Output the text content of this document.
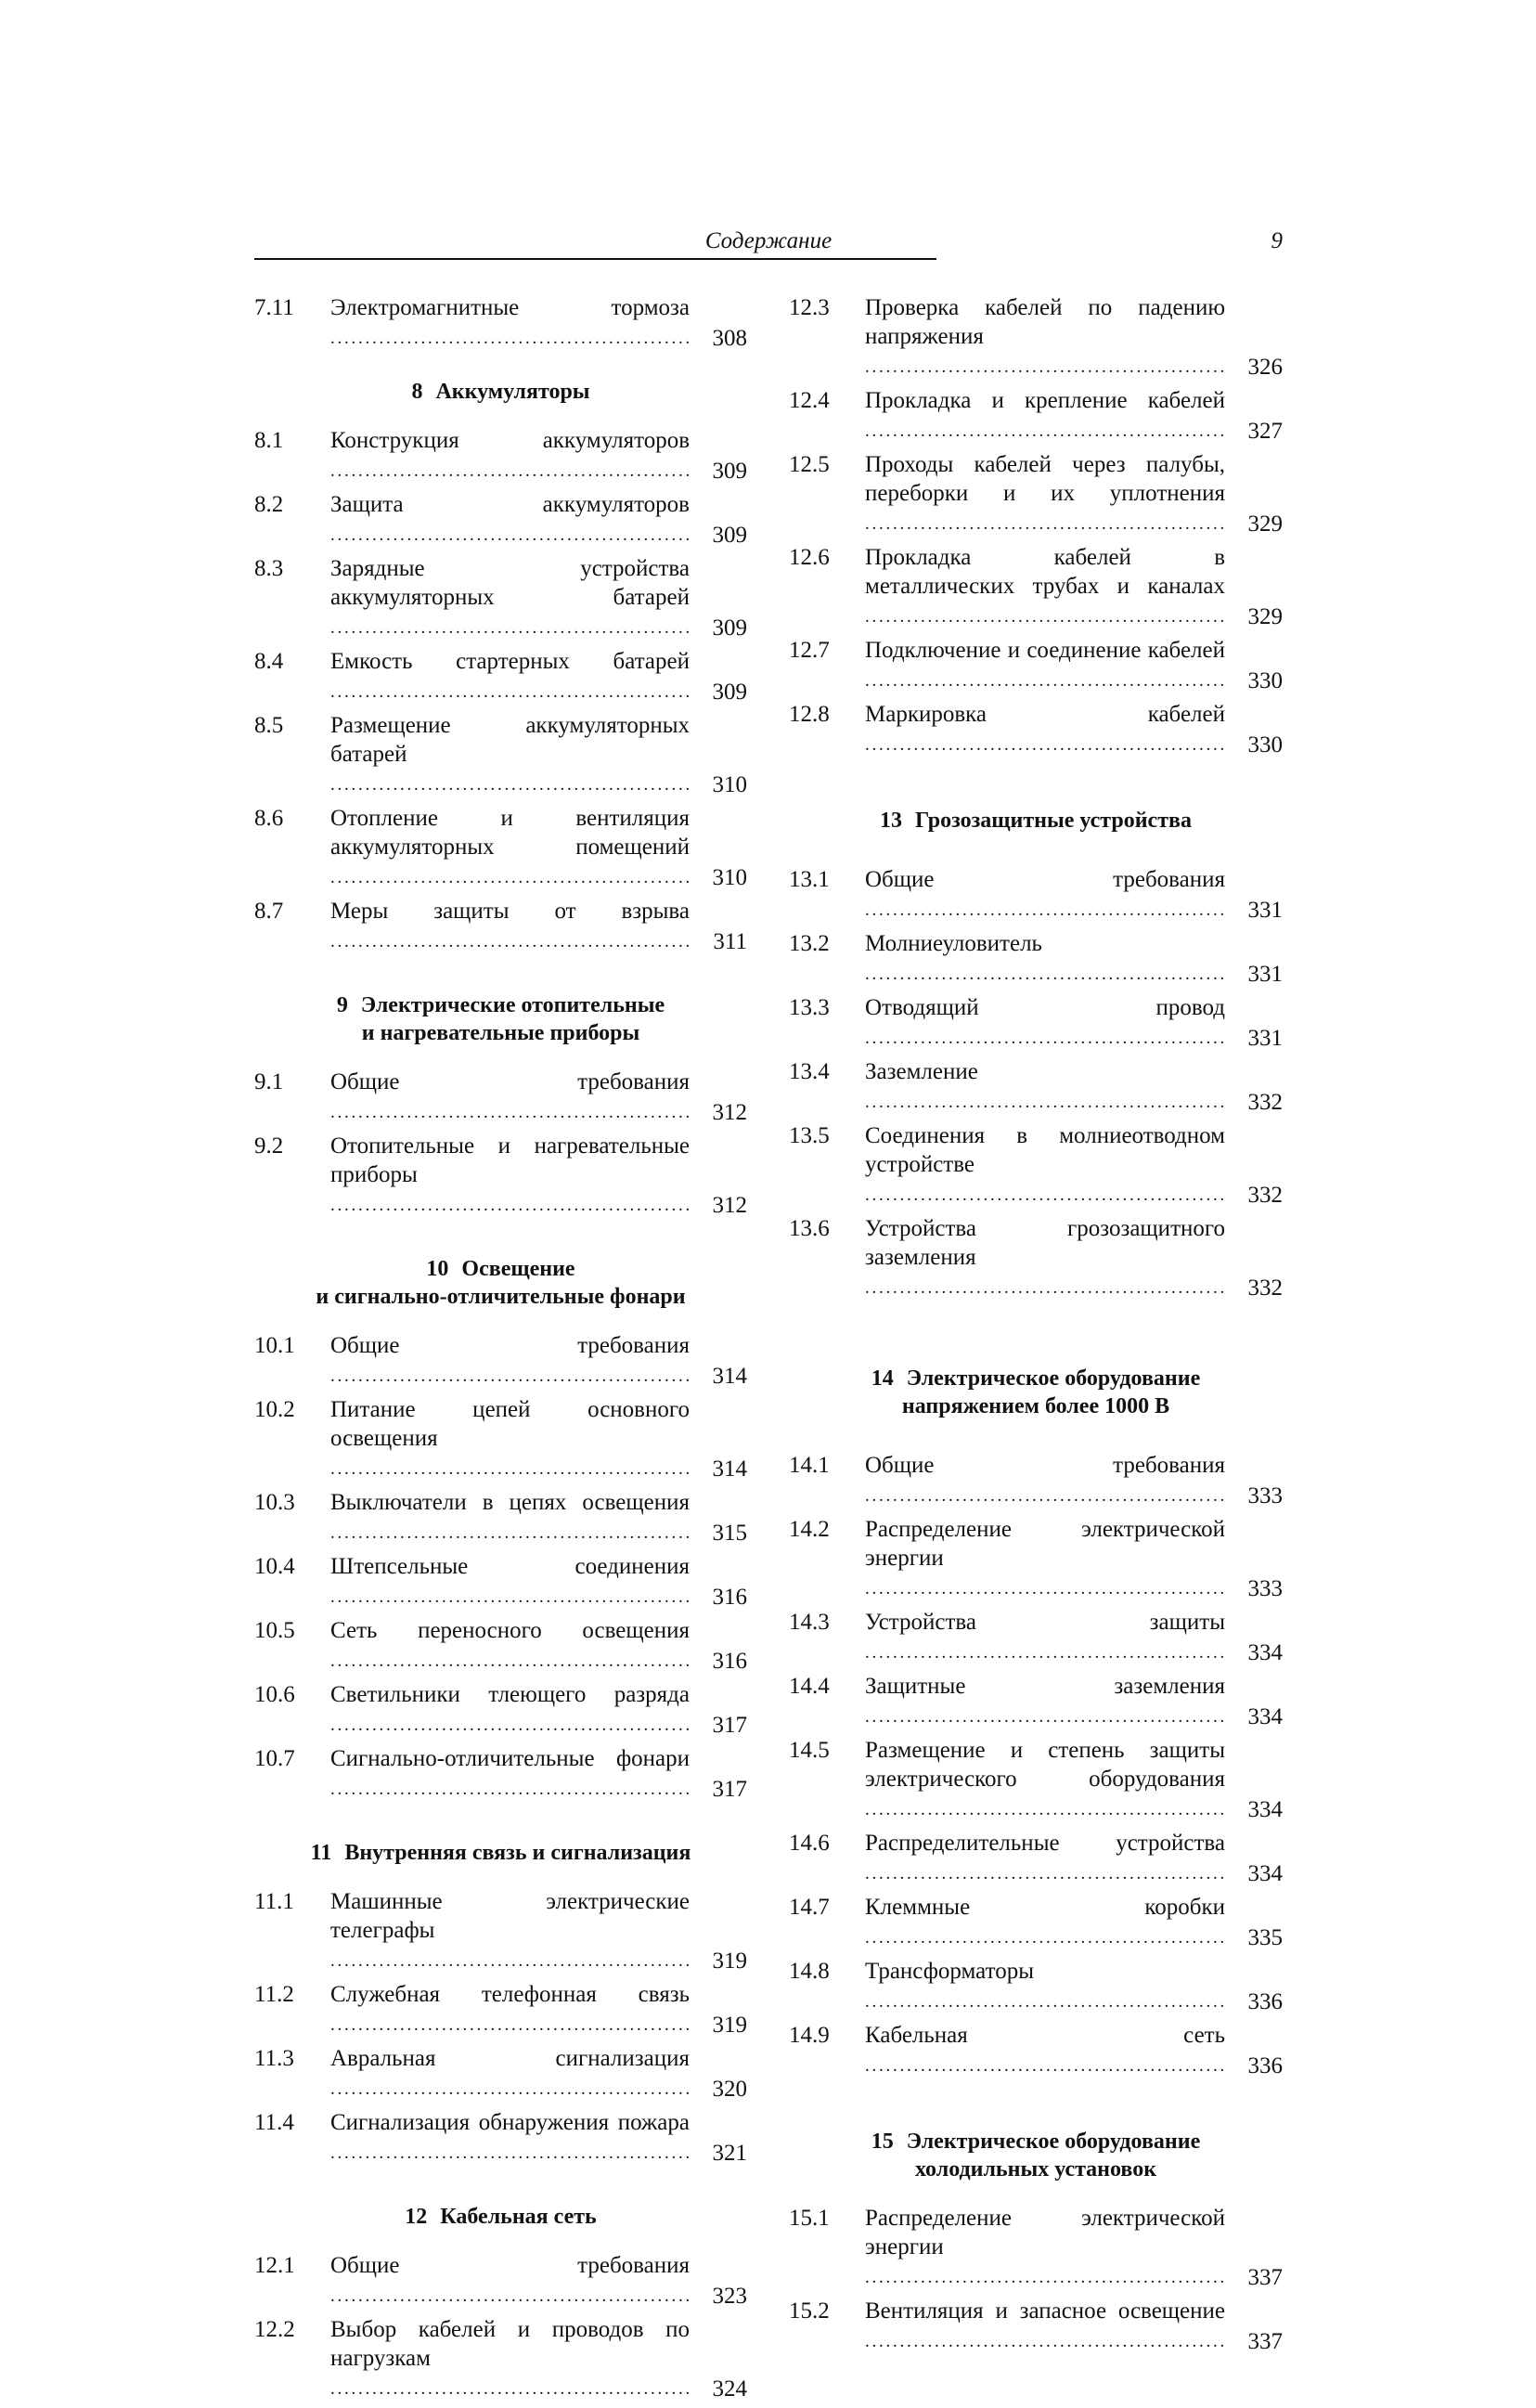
Содержание	9
7.11 Электромагнитные тормоза . . .
308
8 Аккумуляторы
8.1 Конструкция аккумуляторов . . .
309
8.2 Защита аккумуляторов . . .
309
8.3 Зарядные устройства аккумуляторных батарей . . .
309
8.4 Емкость стартерных батарей . . .
309
8.5 Размещение аккумуляторных батарей . . .
310
8.6 Отопление и вентиляция аккумуляторных помещений . . .
310
8.7 Меры защиты от взрыва . . .
311
9 Электрические отопительные
и нагревательные приборы
9.1 Общие требования . . .
312
9.2 Отопительные и нагревательные приборы . . .
312
10 Освещение
и сигнально-отличительные фонари
10.1 Общие требования . . .
314
10.2 Питание цепей основного освещения . . .
314
10.3 Выключатели в цепях освещения . . .
315
10.4 Штепсельные соединения . . .
316
10.5 Сеть переносного освещения . . .
316
10.6 Светильники тлеющего разряда . . .
317
10.7 Сигнально-отличительные фонари . . .
317
11 Внутренняя связь и сигнализация
11.1 Машинные электрические телеграфы . . .
319
11.2 Служебная телефонная связь . . .
319
11.3 Авральная сигнализация . . .
320
11.4 Сигнализация обнаружения пожара . . .
321
12 Кабельная сеть
12.1 Общие требования . . .
323
12.2 Выбор кабелей и проводов по нагрузкам . . .
324
12.3 Проверка кабелей по падению напряжения . . .
326
12.4 Прокладка и крепление кабелей . . .
327
12.5 Проходы кабелей через палубы, переборки и их уплотнения . . .
329
12.6 Прокладка кабелей в металлических трубах и каналах . . .
329
12.7 Подключение и соединение кабелей . . .
330
12.8 Маркировка кабелей . . .
330
13 Грозозащитные устройства
13.1 Общие требования . . .
331
13.2 Молниеуловитель . . .
331
13.3 Отводящий провод . . .
331
13.4 Заземление . . .
332
13.5 Соединения в молниеотводном устройстве . . .
332
13.6 Устройства грозозащитного заземления . . .
332
14 Электрическое оборудование
напряжением более 1000 В
14.1 Общие требования . . .
333
14.2 Распределение электрической энергии . . .
333
14.3 Устройства защиты . . .
334
14.4 Защитные заземления . . .
334
14.5 Размещение и степень защиты электрического оборудования . . .
334
14.6 Распределительные устройства . . .
334
14.7 Клеммные коробки . . .
335
14.8 Трансформаторы . . .
336
14.9 Кабельная сеть . . .
336
15 Электрическое оборудование
холодильных установок
15.1 Распределение электрической энергии . . .
337
15.2 Вентиляция и запасное освещение . . .
337
